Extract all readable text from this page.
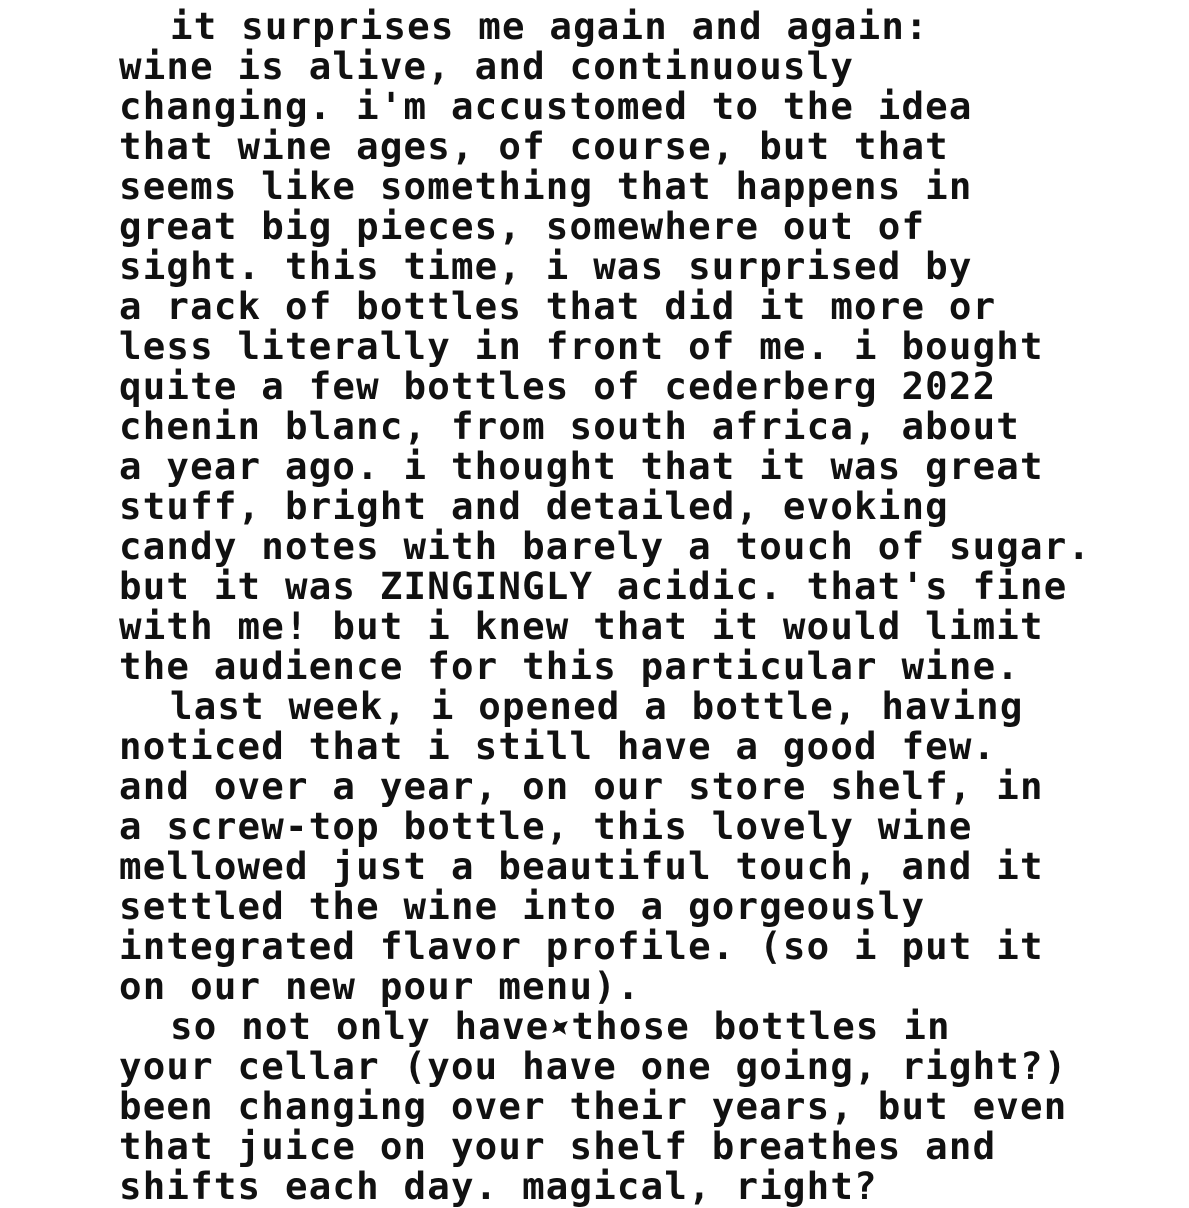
it surprises me again and again:
wine is alive, and continuously
changing. i'm accustomed to the idea
that wine ages, of course, but that
seems like something that happens in
great big pieces, somewhere out of
sight. this time, i was surprised by
a rack of bottles that did it more or
less literally in front of me. i bought
quite a few bottles of cederberg 2022
chenin blanc, from south africa, about
a year ago. i thought that it was great
stuff, bright and detailed, evoking
candy notes with barely a touch of sugar.
but it was ZINGINGLY acidic. that's fine
with me! but i knew that it would limit
the audience for this particular wine.
last week, i opened a bottle, having
noticed that i still have a good few.
and over a year, on our store shelf, in
a screw-top bottle, this lovely wine
mellowed just a beautiful touch, and it
settled the wine into a gorgeously
integrated flavor profile. (so i put it
on our new pour menu).
so not only have those bottles in
your cellar (you have one going, right?)
been changing over their years, but even
that juice on your shelf breathes and
shifts each day. magical, right?
